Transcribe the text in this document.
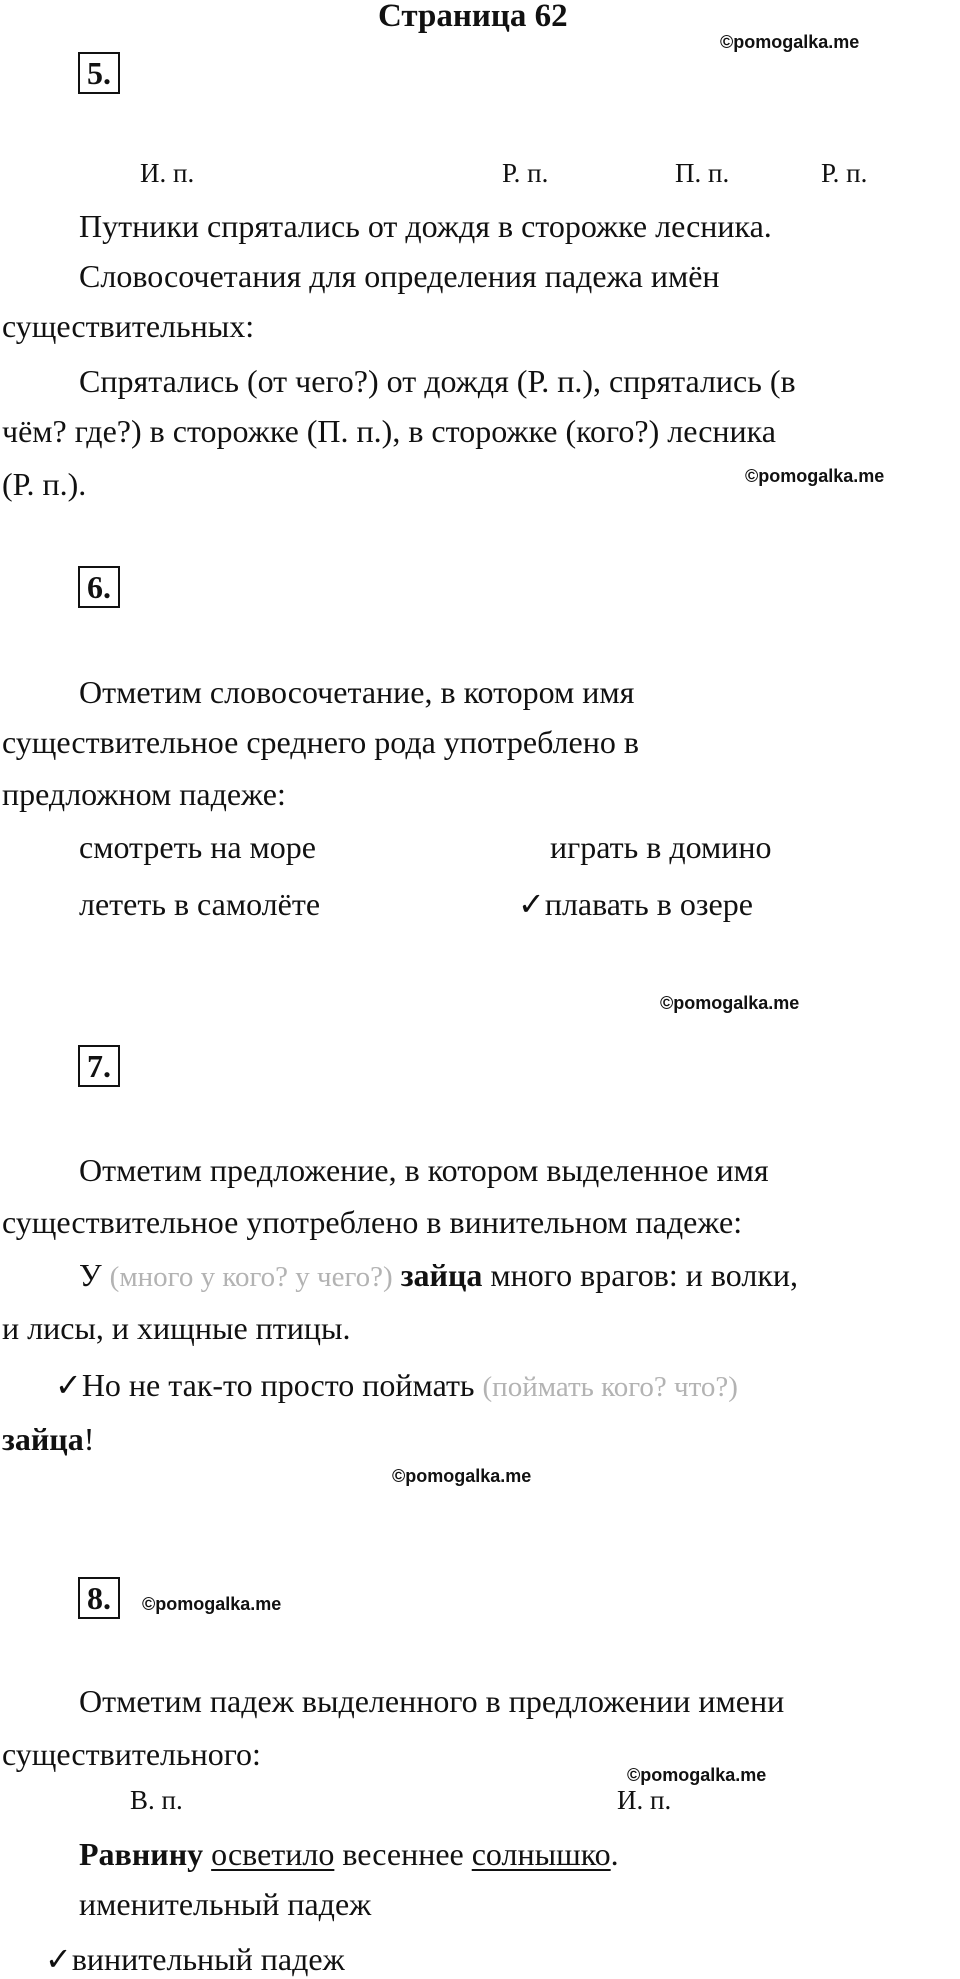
Страница 62
©pomogalka.me
5.
И. п.	Р. п.	П. п.	Р. п.
Путники спрятались от дождя в сторожке лесника.
Словосочетания для определения падежа имён
существительных:
Спрятались (от чего?) от дождя (Р. п.), спрятались (в
чём? где?) в сторожке (П. п.), в сторожке (кого?) лесника
(Р. п.).	©pomogalka.me
6.
Отметим словосочетание, в котором имя
существительное среднего рода употреблено в
предложном падеже:
смотреть на море	играть в домино
лететь в самолёте	✓плавать в озере
©pomogalka.me
7.
Отметим предложение, в котором выделенное имя
существительное употреблено в винительном падеже:
У (много у кого? у чего?) зайца много врагов: и волки,
и лисы, и хищные птицы.
✓Но не так-то просто поймать (поймать кого? что?)
зайца!
©pomogalka.me
8.	©pomogalka.me
Отметим падеж выделенного в предложении имени
существительного:
©pomogalka.me
В. п.	И. п.
Равнину осветило весеннее солнышко.
именительный падеж
✓винительный падеж
